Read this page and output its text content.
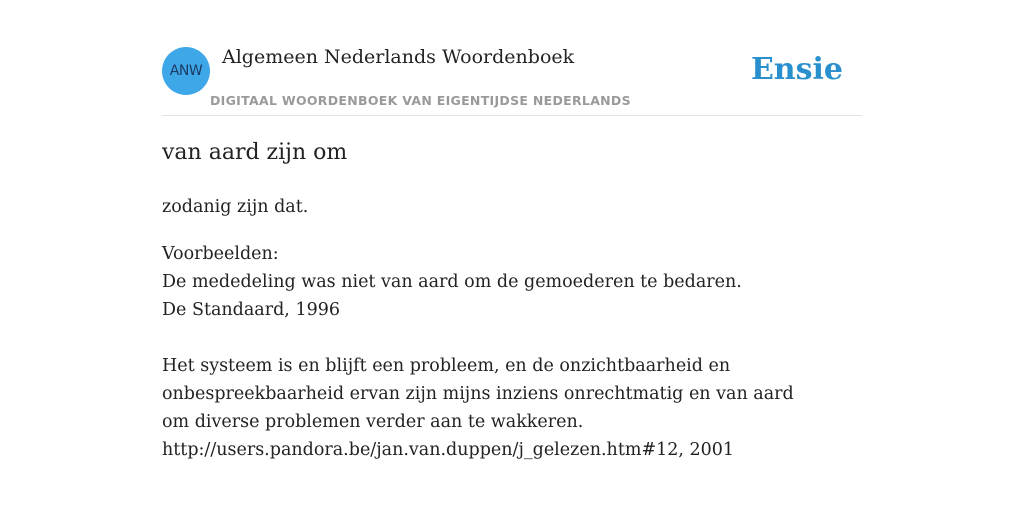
ANW
Algemeen Nederlands Woordenboek
DIGITAAL WOORDENBOEK VAN EIGENTIJDSE NEDERLANDS
Ensie
van aard zijn om

zodanig zijn dat.

Voorbeelden:

De mededeling was niet van aard om de gemoederen te bedaren.

De Standaard, 1996

Het systeem is en blijft een probleem, en de onzichtbaarheid en onbespreekbaarheid ervan zijn mijns inziens onrechtmatig en van aard om diverse problemen verder aan te wakkeren.

http://users.pandora.be/jan.van.duppen/j_gelezen.htm#12, 2001
